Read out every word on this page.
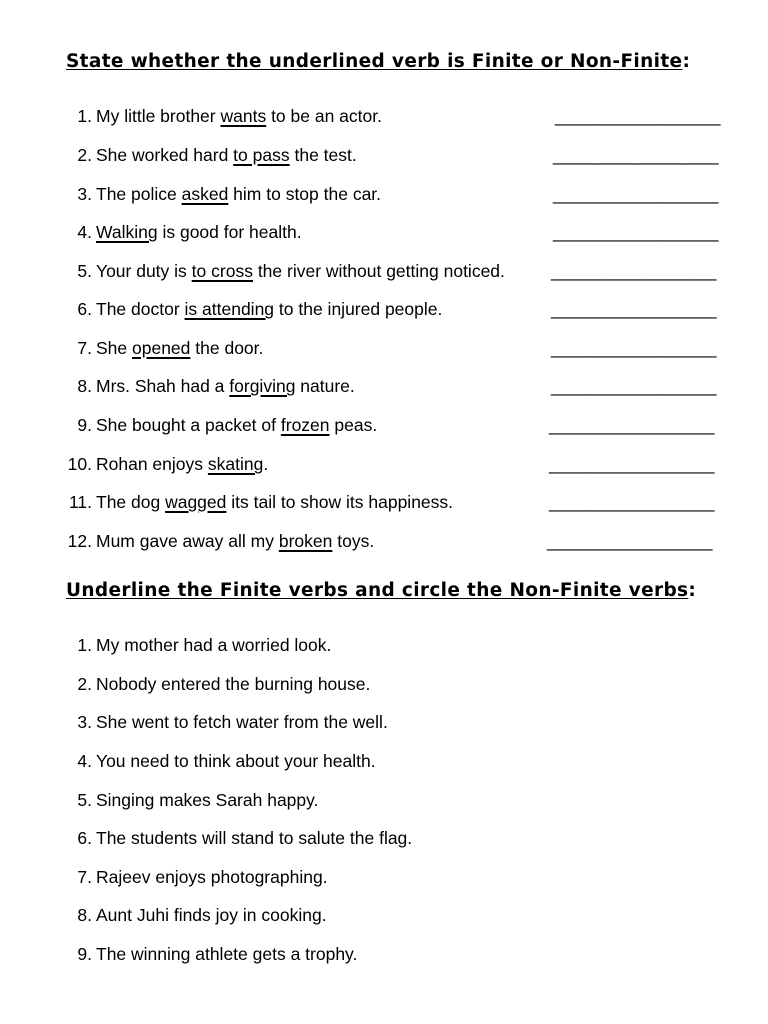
State whether the underlined verb is Finite or Non-Finite:
1. My little brother wants to be an actor.	_________________
2. She worked hard to pass the test.	_________________
3. The police asked him to stop the car.	_________________
4. Walking is good for health.	_________________
5. Your duty is to cross the river without getting noticed.	_________________
6. The doctor is attending to the injured people.	_________________
7. She opened the door.	_________________
8. Mrs. Shah had a forgiving nature.	_________________
9. She bought a packet of frozen peas.	_________________
10. Rohan enjoys skating.	_________________
11. The dog wagged its tail to show its happiness.	_________________
12. Mum gave away all my broken toys.	_________________
Underline the Finite verbs and circle the Non-Finite verbs:
1. My mother had a worried look.
2. Nobody entered the burning house.
3. She went to fetch water from the well.
4. You need to think about your health.
5. Singing makes Sarah happy.
6. The students will stand to salute the flag.
7. Rajeev enjoys photographing.
8. Aunt Juhi finds joy in cooking.
9. The winning athlete gets a trophy.
